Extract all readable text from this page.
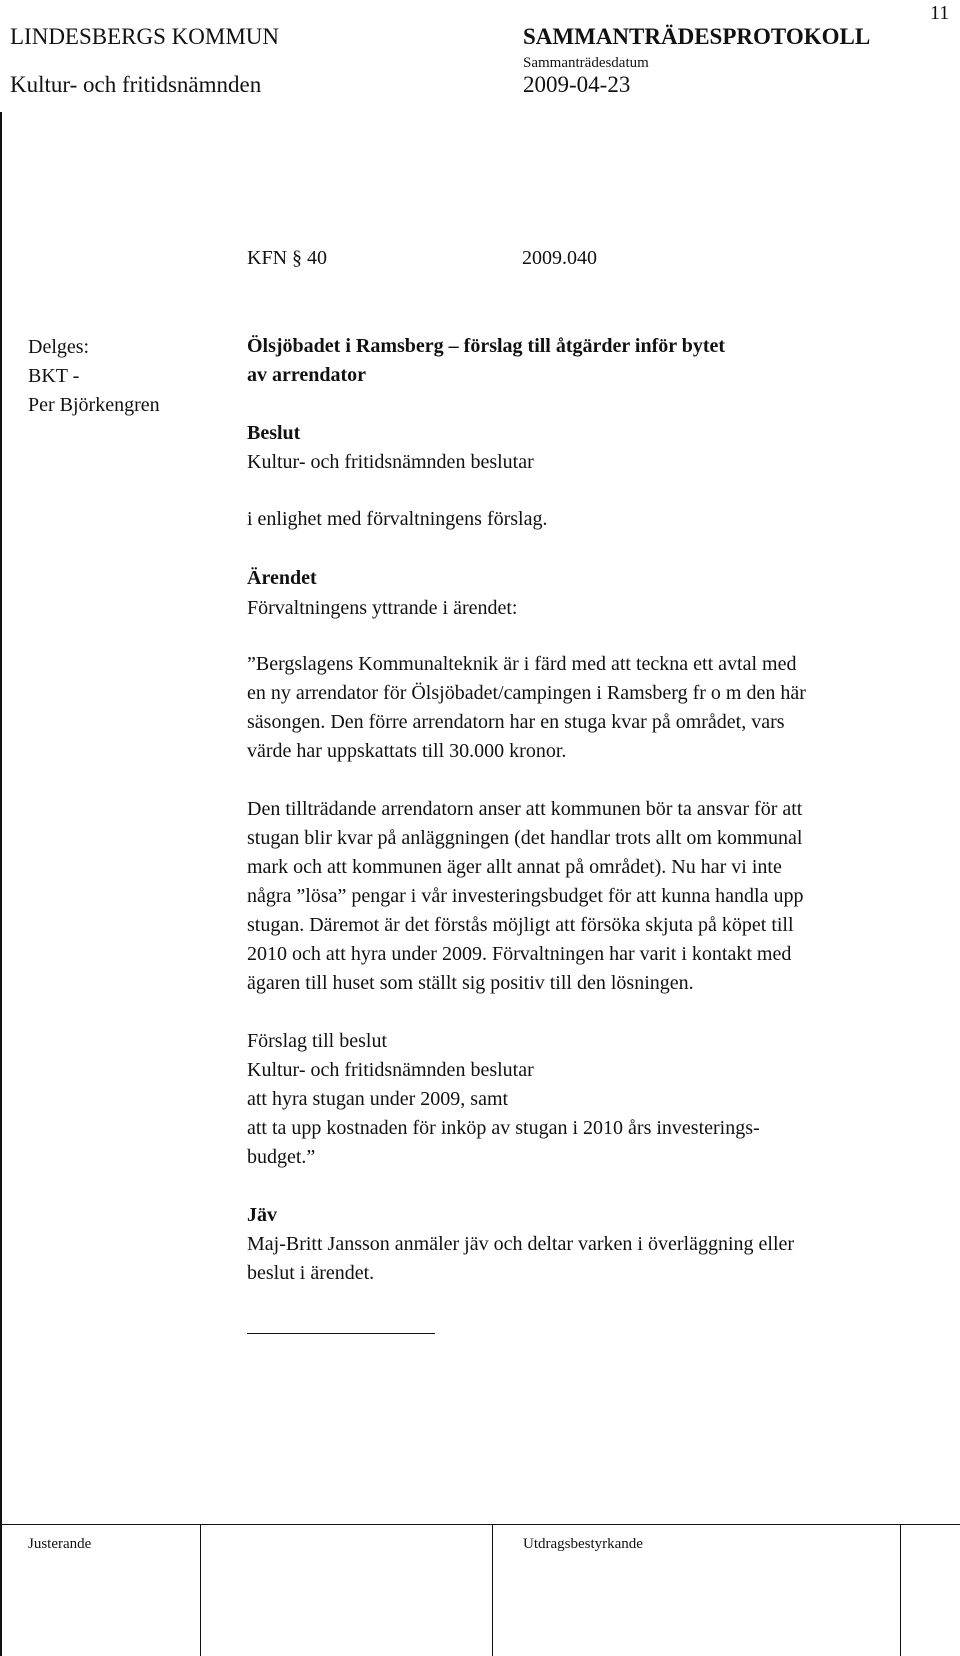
11
LINDESBERGS KOMMUN
Kultur- och fritidsnämnden
SAMMANTRÄDESPROTOKOLL
Sammanträdesdatum
2009-04-23
KFN § 40	2009.040
Delges:
BKT -
Per Björkengren
Ölsjöbadet i Ramsberg – förslag till åtgärder inför bytet
av arrendator
Beslut
Kultur- och fritidsnämnden beslutar
i enlighet med förvaltningens förslag.
Ärendet
Förvaltningens yttrande i ärendet:
”Bergslagens Kommunalteknik är i färd med att teckna ett avtal med
en ny arrendator för Ölsjöbadet/campingen i Ramsberg fr o m den här
säsongen. Den förre arrendatorn har en stuga kvar på området, vars
värde har uppskattats till 30.000 kronor.
Den tillträdande arrendatorn anser att kommunen bör ta ansvar för att
stugan blir kvar på anläggningen (det handlar trots allt om kommunal
mark och att kommunen äger allt annat på området). Nu har vi inte
några ”lösa” pengar i vår investeringsbudget för att kunna handla upp
stugan. Däremot är det förstås möjligt att försöka skjuta på köpet till
2010 och att hyra under 2009. Förvaltningen har varit i kontakt med
ägaren till huset som ställt sig positiv till den lösningen.
Förslag till beslut
Kultur- och fritidsnämnden beslutar
att hyra stugan under 2009, samt
att ta upp kostnaden för inköp av stugan i 2010 års investerings-
budget.”
Jäv
Maj-Britt Jansson anmäler jäv och deltar varken i överläggning eller
beslut i ärendet.
Justerande	Utdragsbestyrkande
